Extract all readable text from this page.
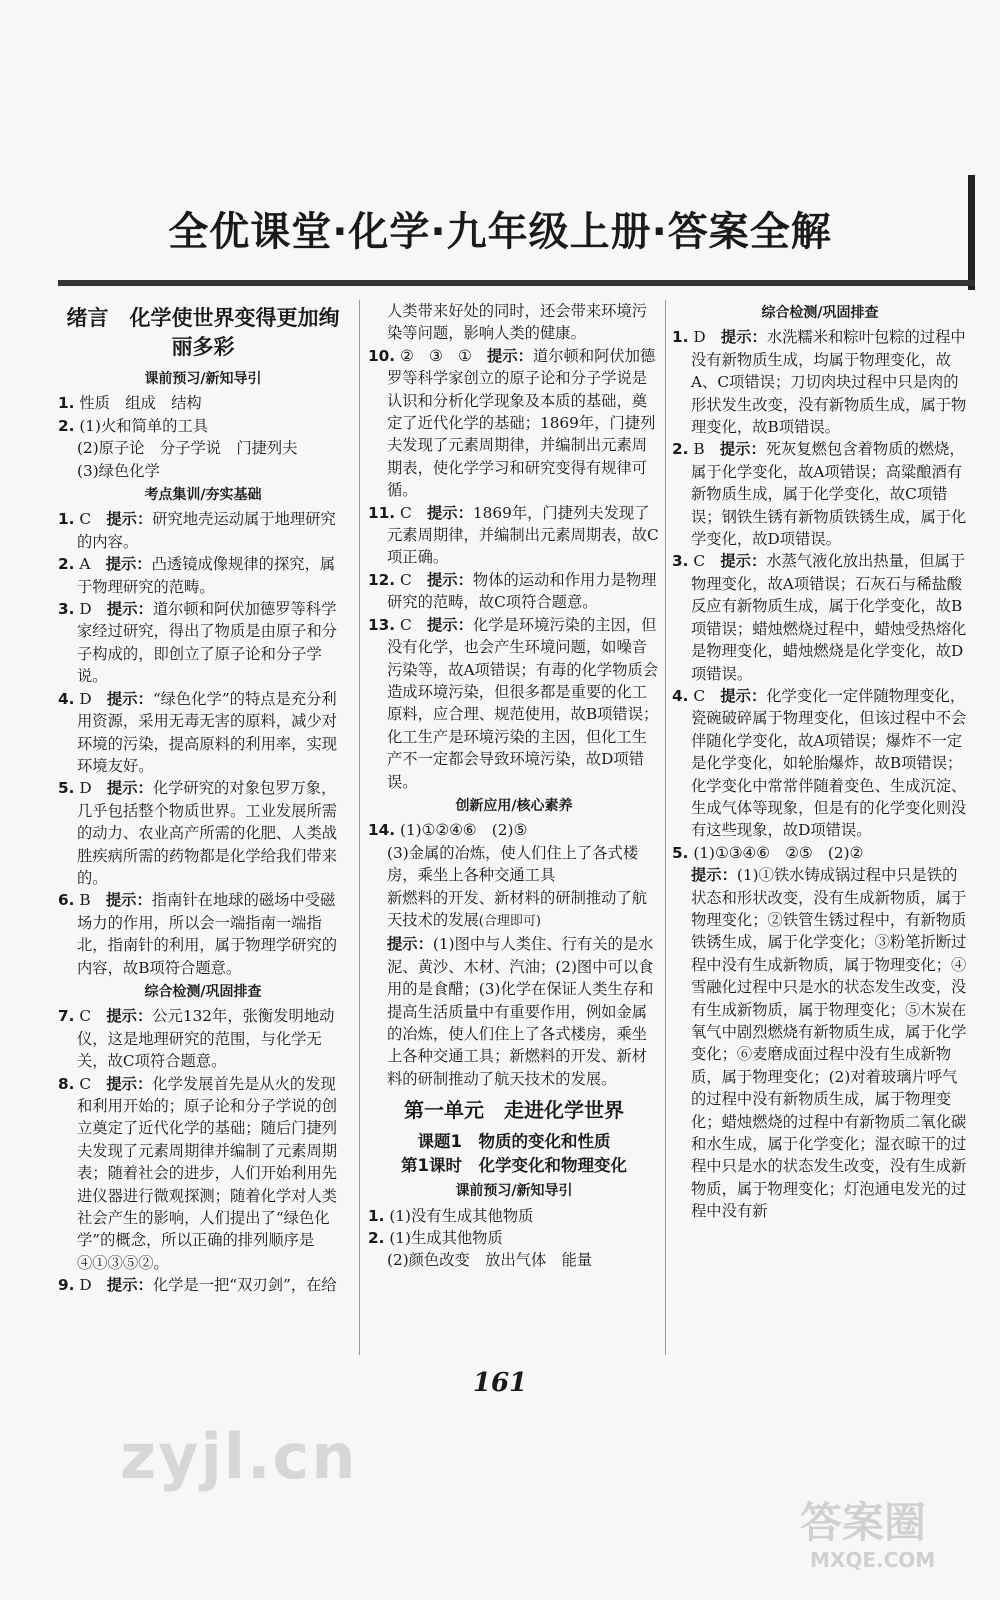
全优课堂·化学·九年级上册·答案全解
绪言　化学使世界变得更加绚丽多彩
课前预习/新知导引

1. 性质　组成　结构

2. (1)火和简单的工具

(2)原子论　分子学说　门捷列夫

(3)绿色化学

考点集训/夯实基础

1. C　提示：研究地壳运动属于地理研究的内容。

2. A　提示：凸透镜成像规律的探究，属于物理研究的范畴。

3. D　提示：道尔顿和阿伏加德罗等科学家经过研究，得出了物质是由原子和分子构成的，即创立了原子论和分子学说。

4. D　提示：“绿色化学”的特点是充分利用资源，采用无毒无害的原料，减少对环境的污染，提高原料的利用率，实现环境友好。

5. D　提示：化学研究的对象包罗万象，几乎包括整个物质世界。工业发展所需的动力、农业高产所需的化肥、人类战胜疾病所需的药物都是化学给我们带来的。

6. B　提示：指南针在地球的磁场中受磁场力的作用，所以会一端指南一端指北，指南针的利用，属于物理学研究的内容，故B项符合题意。

综合检测/巩固排查

7. C　提示：公元132年，张衡发明地动仪，这是地理研究的范围，与化学无关，故C项符合题意。

8. C　提示：化学发展首先是从火的发现和利用开始的；原子论和分子学说的创立奠定了近代化学的基础；随后门捷列夫发现了元素周期律并编制了元素周期表；随着社会的进步，人们开始利用先进仪器进行微观探测；随着化学对人类社会产生的影响，人们提出了“绿色化学”的概念，所以正确的排列顺序是④①③⑤②。

9. D　提示：化学是一把“双刃剑”，在给

人类带来好处的同时，还会带来环境污染等问题，影响人类的健康。

10. ②　③　①　提示：道尔顿和阿伏加德罗等科学家创立的原子论和分子学说是认识和分析化学现象及本质的基础，奠定了近代化学的基础；1869年，门捷列夫发现了元素周期律，并编制出元素周期表，使化学学习和研究变得有规律可循。

11. C　提示：1869年，门捷列夫发现了元素周期律，并编制出元素周期表，故C项正确。

12. C　提示：物体的运动和作用力是物理研究的范畴，故C项符合题意。

13. C　提示：化学是环境污染的主因，但没有化学，也会产生环境问题，如噪音污染等，故A项错误；有毒的化学物质会造成环境污染，但很多都是重要的化工原料，应合理、规范使用，故B项错误；化工生产是环境污染的主因，但化工生产不一定都会导致环境污染，故D项错误。

创新应用/核心素养

14. (1)①②④⑥　(2)⑤

(3)金属的冶炼，使人们住上了各式楼房，乘坐上各种交通工具

新燃料的开发、新材料的研制推动了航天技术的发展(合理即可)

提示：(1)图中与人类住、行有关的是水泥、黄沙、木材、汽油；(2)图中可以食用的是食醋；(3)化学在保证人类生存和提高生活质量中有重要作用，例如金属的冶炼，使人们住上了各式楼房，乘坐上各种交通工具；新燃料的开发、新材料的研制推动了航天技术的发展。

第一单元　走进化学世界
课题1　物质的变化和性质
第1课时　化学变化和物理变化
课前预习/新知导引

1. (1)没有生成其他物质

2. (1)生成其他物质

(2)颜色改变　放出气体　能量

综合检测/巩固排查

1. D　提示：水洗糯米和粽叶包粽的过程中没有新物质生成，均属于物理变化，故A、C项错误；刀切肉块过程中只是肉的形状发生改变，没有新物质生成，属于物理变化，故B项错误。

2. B　提示：死灰复燃包含着物质的燃烧，属于化学变化，故A项错误；高粱酿酒有新物质生成，属于化学变化，故C项错误；钢铁生锈有新物质铁锈生成，属于化学变化，故D项错误。

3. C　提示：水蒸气液化放出热量，但属于物理变化，故A项错误；石灰石与稀盐酸反应有新物质生成，属于化学变化，故B项错误；蜡烛燃烧过程中，蜡烛受热熔化是物理变化，蜡烛燃烧是化学变化，故D项错误。

4. C　提示：化学变化一定伴随物理变化，瓷碗破碎属于物理变化，但该过程中不会伴随化学变化，故A项错误；爆炸不一定是化学变化，如轮胎爆炸，故B项错误；化学变化中常常伴随着变色、生成沉淀、生成气体等现象，但是有的化学变化则没有这些现象，故D项错误。

5. (1)①③④⑥　②⑤　(2)②

提示：(1)①铁水铸成锅过程中只是铁的状态和形状改变，没有生成新物质，属于物理变化；②铁管生锈过程中，有新物质铁锈生成，属于化学变化；③粉笔折断过程中没有生成新物质，属于物理变化；④雪融化过程中只是水的状态发生改变，没有生成新物质，属于物理变化；⑤木炭在氧气中剧烈燃烧有新物质生成，属于化学变化；⑥麦磨成面过程中没有生成新物质，属于物理变化；(2)对着玻璃片呼气的过程中没有新物质生成，属于物理变化；蜡烛燃烧的过程中有新物质二氧化碳和水生成，属于化学变化；湿衣晾干的过程中只是水的状态发生改变，没有生成新物质，属于物理变化；灯泡通电发光的过程中没有新

161
zyjl.cn
答案圈
MXQE.COM
